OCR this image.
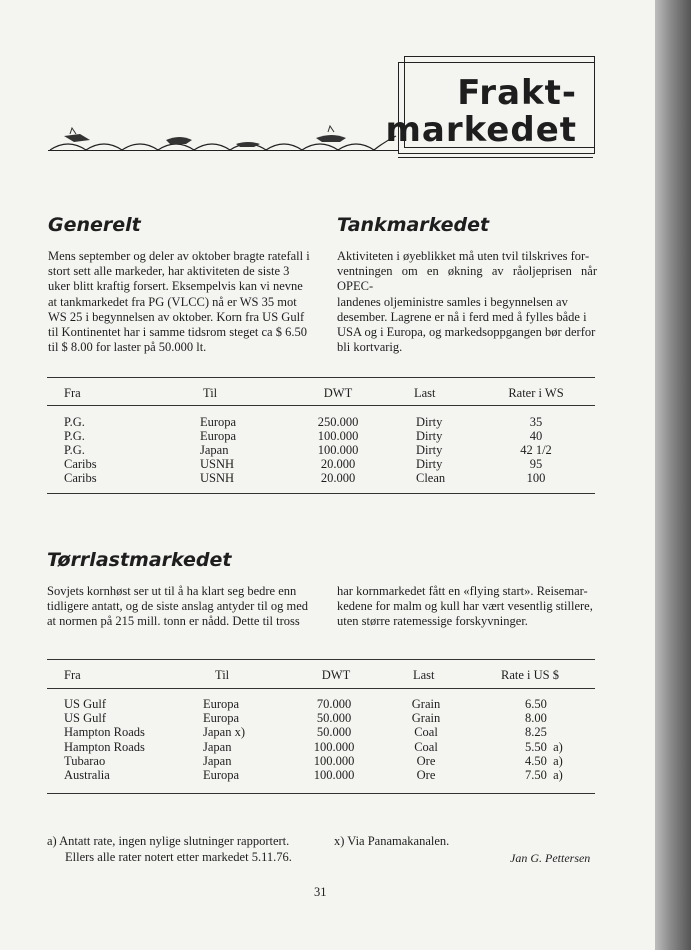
Frakt-
markedet
Generelt
Mens september og deler av oktober bragte ratefall i
stort sett alle markeder, har aktiviteten de siste 3
uker blitt kraftig forsert. Eksempelvis kan vi nevne
at tankmarkedet fra PG (VLCC) nå er WS 35 mot
WS 25 i begynnelsen av oktober. Korn fra US Gulf
til Kontinentet har i samme tidsrom steget ca $ 6.50
til $ 8.00 for laster på 50.000 lt.
Tankmarkedet
Aktiviteten i øyeblikket må uten tvil tilskrives for-
ventningen om en økning av råoljeprisen når OPEC-
landenes oljeministre samles i begynnelsen av
desember. Lagrene er nå i ferd med å fylles både i
USA og i Europa, og markedsoppgangen bør derfor
bli kortvarig.
Fra	Til	DWT	Last	Rater i WS
P.G.	Europa	250.000	Dirty	35
P.G.	Europa	100.000	Dirty	40
P.G.	Japan	100.000	Dirty	42 1/2
Caribs	USNH	20.000	Dirty	95
Caribs	USNH	20.000	Clean	100
Tørrlastmarkedet
Sovjets kornhøst ser ut til å ha klart seg bedre enn
tidligere antatt, og de siste anslag antyder til og med
at normen på 215 mill. tonn er nådd. Dette til tross
har kornmarkedet fått en «flying start». Reisemar-
kedene for malm og kull har vært vesentlig stillere,
uten større ratemessige forskyvninger.
Fra	Til	DWT	Last	Rate i US $
US Gulf	Europa	70.000	Grain	6.50
US Gulf	Europa	50.000	Grain	8.00
Hampton Roads	Japan x)	50.000	Coal	8.25
Hampton Roads	Japan	100.000	Coal	5.50  a)
Tubarao	Japan	100.000	Ore	4.50  a)
Australia	Europa	100.000	Ore	7.50  a)
a) Antatt rate, ingen nylige slutninger rapportert.
Ellers alle rater notert etter markedet 5.11.76.
x) Via Panamakanalen.
Jan G. Pettersen
31
